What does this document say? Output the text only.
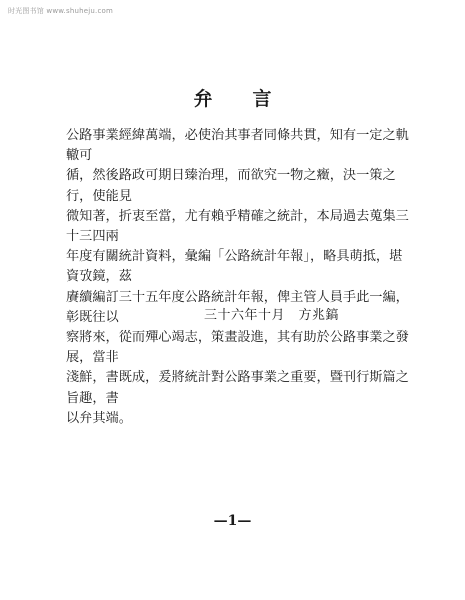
时光图书馆 www.shuheju.com
弁言

公路事業經緯萬端，必使治其事者同條共貫，知有一定之軌轍可

循，然後路政可期日臻治理，而欲究一物之癥，決一策之行，使能見

微知著，折衷至當，尤有賴乎精確之統計，本局過去蒐集三十三四兩

年度有關統計資料，彙編「公路統計年報」，略具萌抵，堪資攷鏡，茲

賡續編訂三十五年度公路統計年報，俾主管人員手此一編，彰既往以

察將來，從而殫心竭志，策畫設進，其有助於公路事業之發展，當非

淺鮮，書既成，爰將統計對公路事業之重要，暨刊行斯篇之旨趣，書

以弁其端。

三十六年十月　方兆鎬
—1—
